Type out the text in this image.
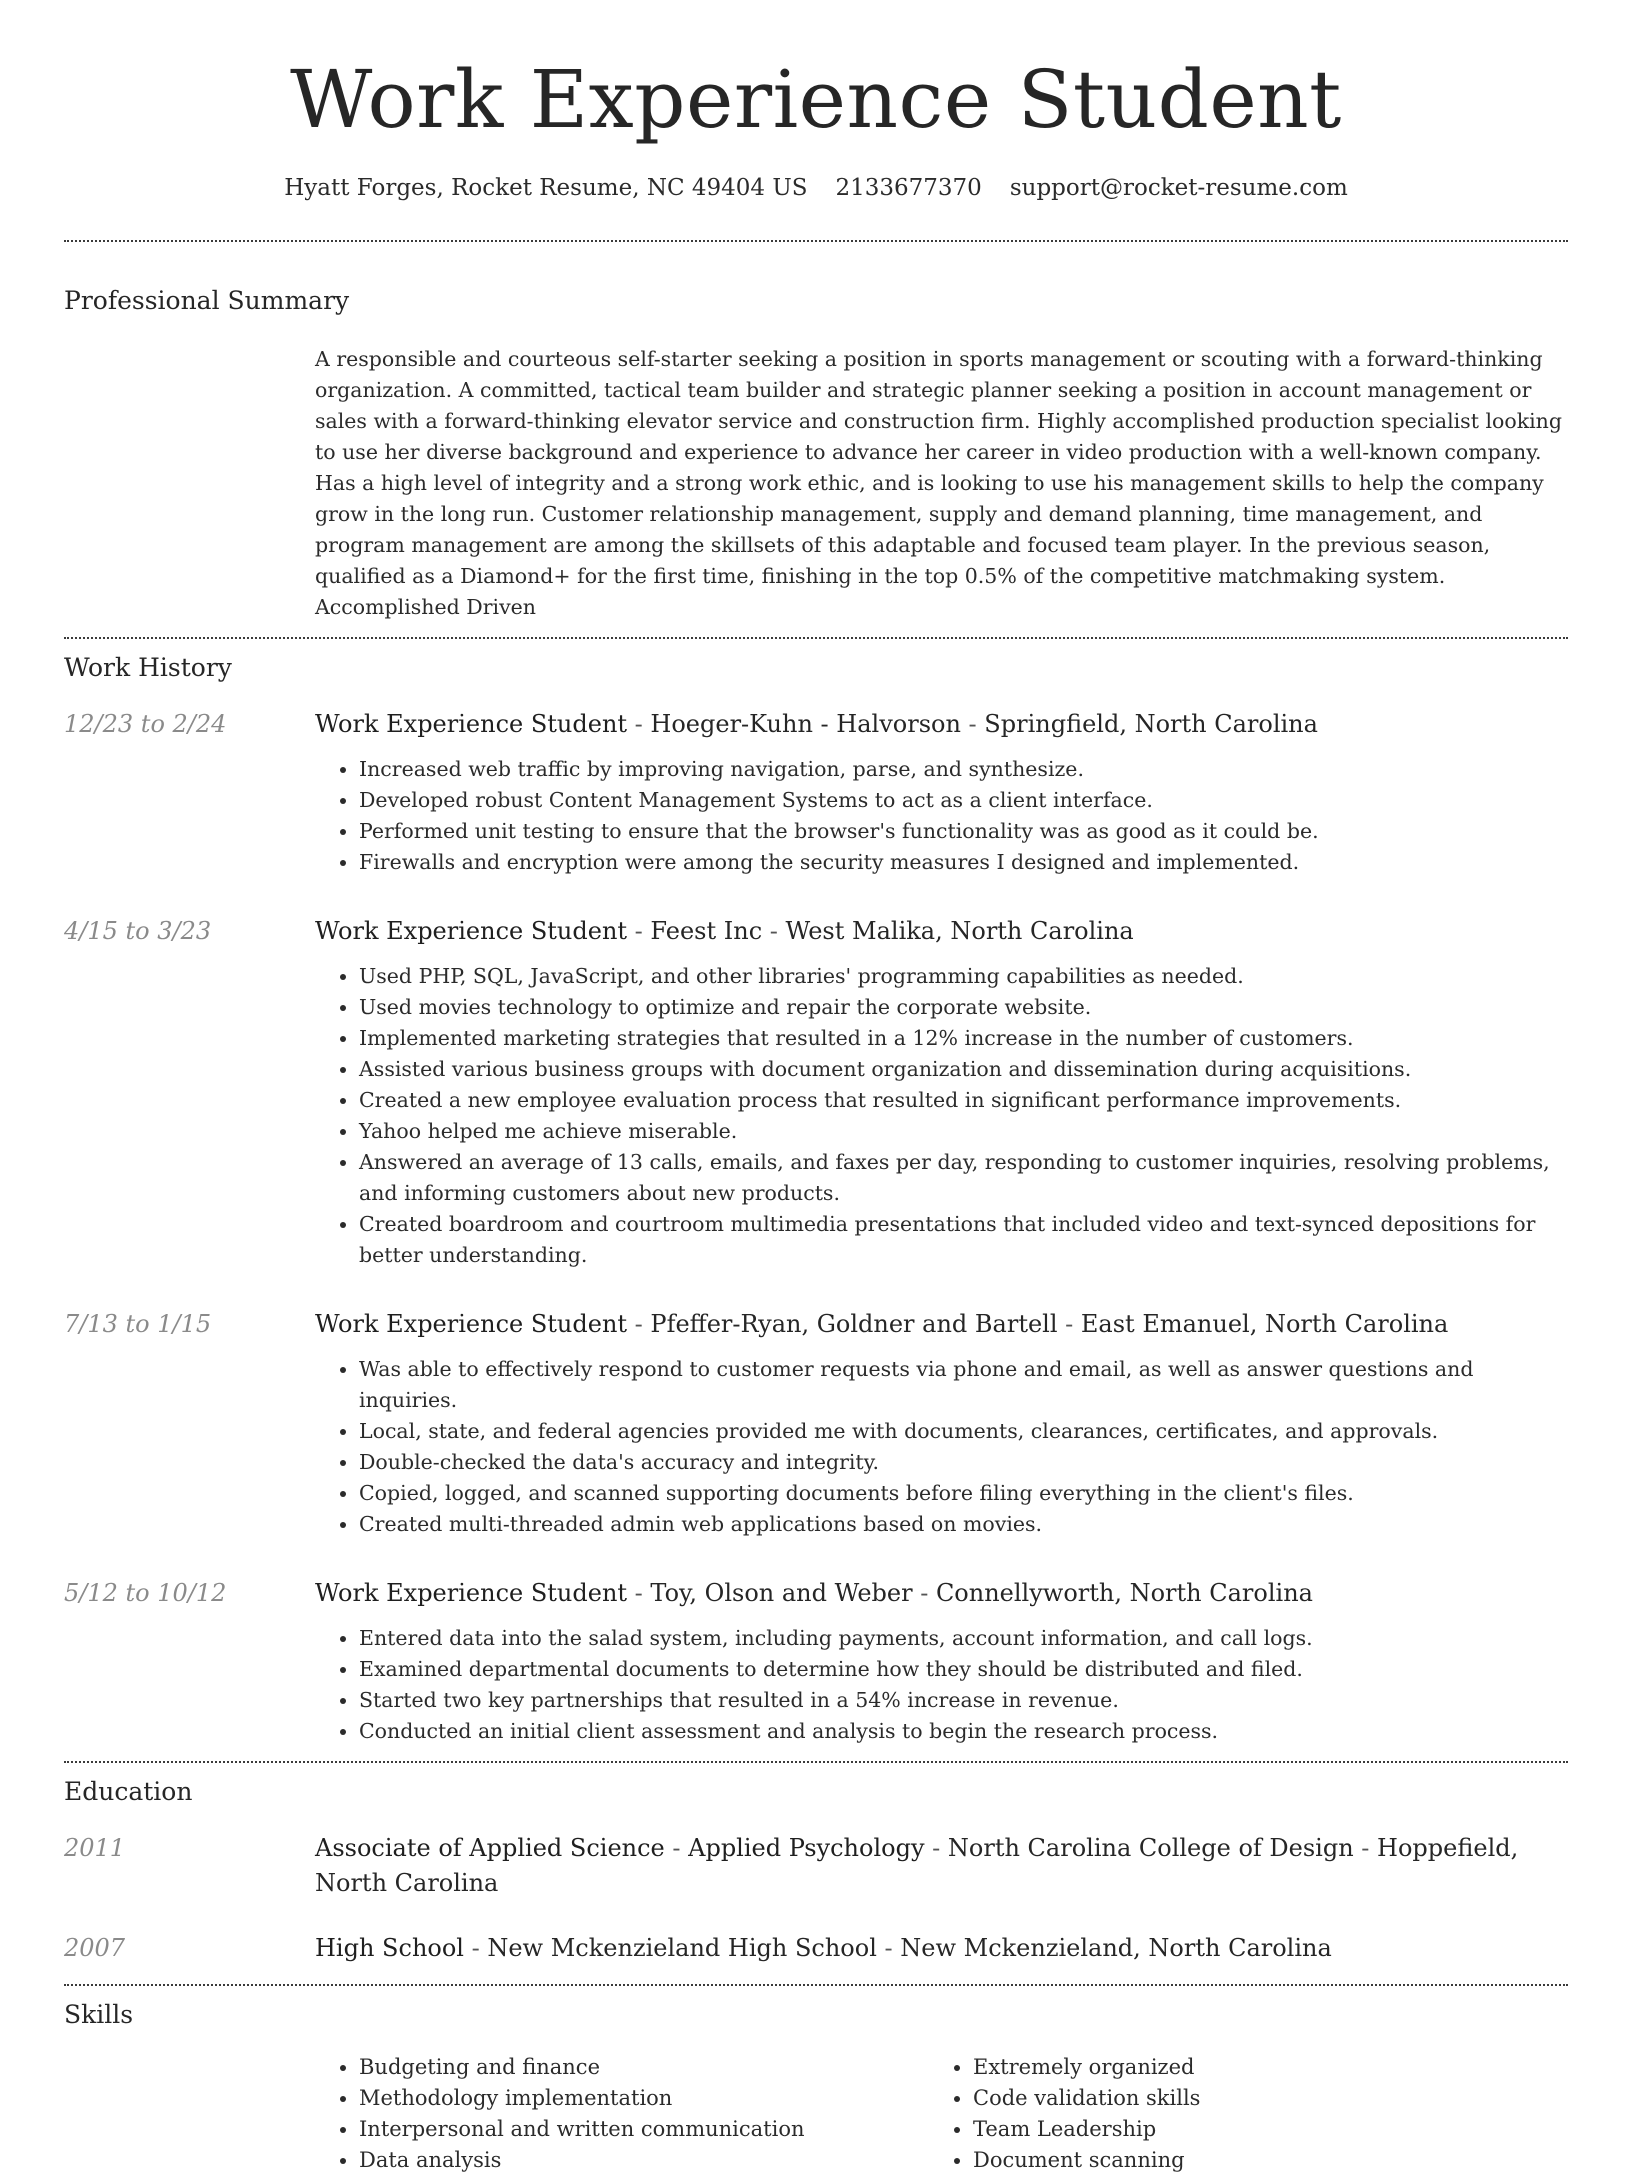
Work Experience Student
Hyatt Forges, Rocket Resume, NC 49404 US 2133677370 support@rocket-resume.com
Professional Summary

A responsible and courteous self-starter seeking a position in sports management or scouting with a forward-thinking organization. A committed, tactical team builder and strategic planner seeking a position in account management or sales with a forward-thinking elevator service and construction firm. Highly accomplished production specialist looking to use her diverse background and experience to advance her career in video production with a well-known company. Has a high level of integrity and a strong work ethic, and is looking to use his management skills to help the company grow in the long run. Customer relationship management, supply and demand planning, time management, and program management are among the skillsets of this adaptable and focused team player. In the previous season, qualified as a Diamond+ for the first time, finishing in the top 0.5% of the competitive matchmaking system. Accomplished Driven

Work History
12/23 to 2/24	Work Experience Student - Hoeger-Kuhn - Halvorson - Springfield, North Carolina
• Increased web traffic by improving navigation, parse, and synthesize.
• Developed robust Content Management Systems to act as a client interface.
• Performed unit testing to ensure that the browser's functionality was as good as it could be.
• Firewalls and encryption were among the security measures I designed and implemented.
4/15 to 3/23	Work Experience Student - Feest Inc - West Malika, North Carolina
• Used PHP, SQL, JavaScript, and other libraries' programming capabilities as needed.
• Used movies technology to optimize and repair the corporate website.
• Implemented marketing strategies that resulted in a 12% increase in the number of customers.
• Assisted various business groups with document organization and dissemination during acquisitions.
• Created a new employee evaluation process that resulted in significant performance improvements.
• Yahoo helped me achieve miserable.
• Answered an average of 13 calls, emails, and faxes per day, responding to customer inquiries, resolving problems, and informing customers about new products.
• Created boardroom and courtroom multimedia presentations that included video and text-synced depositions for better understanding.
7/13 to 1/15	Work Experience Student - Pfeffer-Ryan, Goldner and Bartell - East Emanuel, North Carolina
• Was able to effectively respond to customer requests via phone and email, as well as answer questions and inquiries.
• Local, state, and federal agencies provided me with documents, clearances, certificates, and approvals.
• Double-checked the data's accuracy and integrity.
• Copied, logged, and scanned supporting documents before filing everything in the client's files.
• Created multi-threaded admin web applications based on movies.
5/12 to 10/12	Work Experience Student - Toy, Olson and Weber - Connellyworth, North Carolina
• Entered data into the salad system, including payments, account information, and call logs.
• Examined departmental documents to determine how they should be distributed and filed.
• Started two key partnerships that resulted in a 54% increase in revenue.
• Conducted an initial client assessment and analysis to begin the research process.
Education
2011	Associate of Applied Science - Applied Psychology - North Carolina College of Design - Hoppefield, North Carolina
2007	High School - New Mckenzieland High School - New Mckenzieland, North Carolina
Skills
• Budgeting and finance
• Methodology implementation
• Interpersonal and written communication
• Data analysis
• Extremely organized
• Code validation skills
• Team Leadership
• Document scanning
